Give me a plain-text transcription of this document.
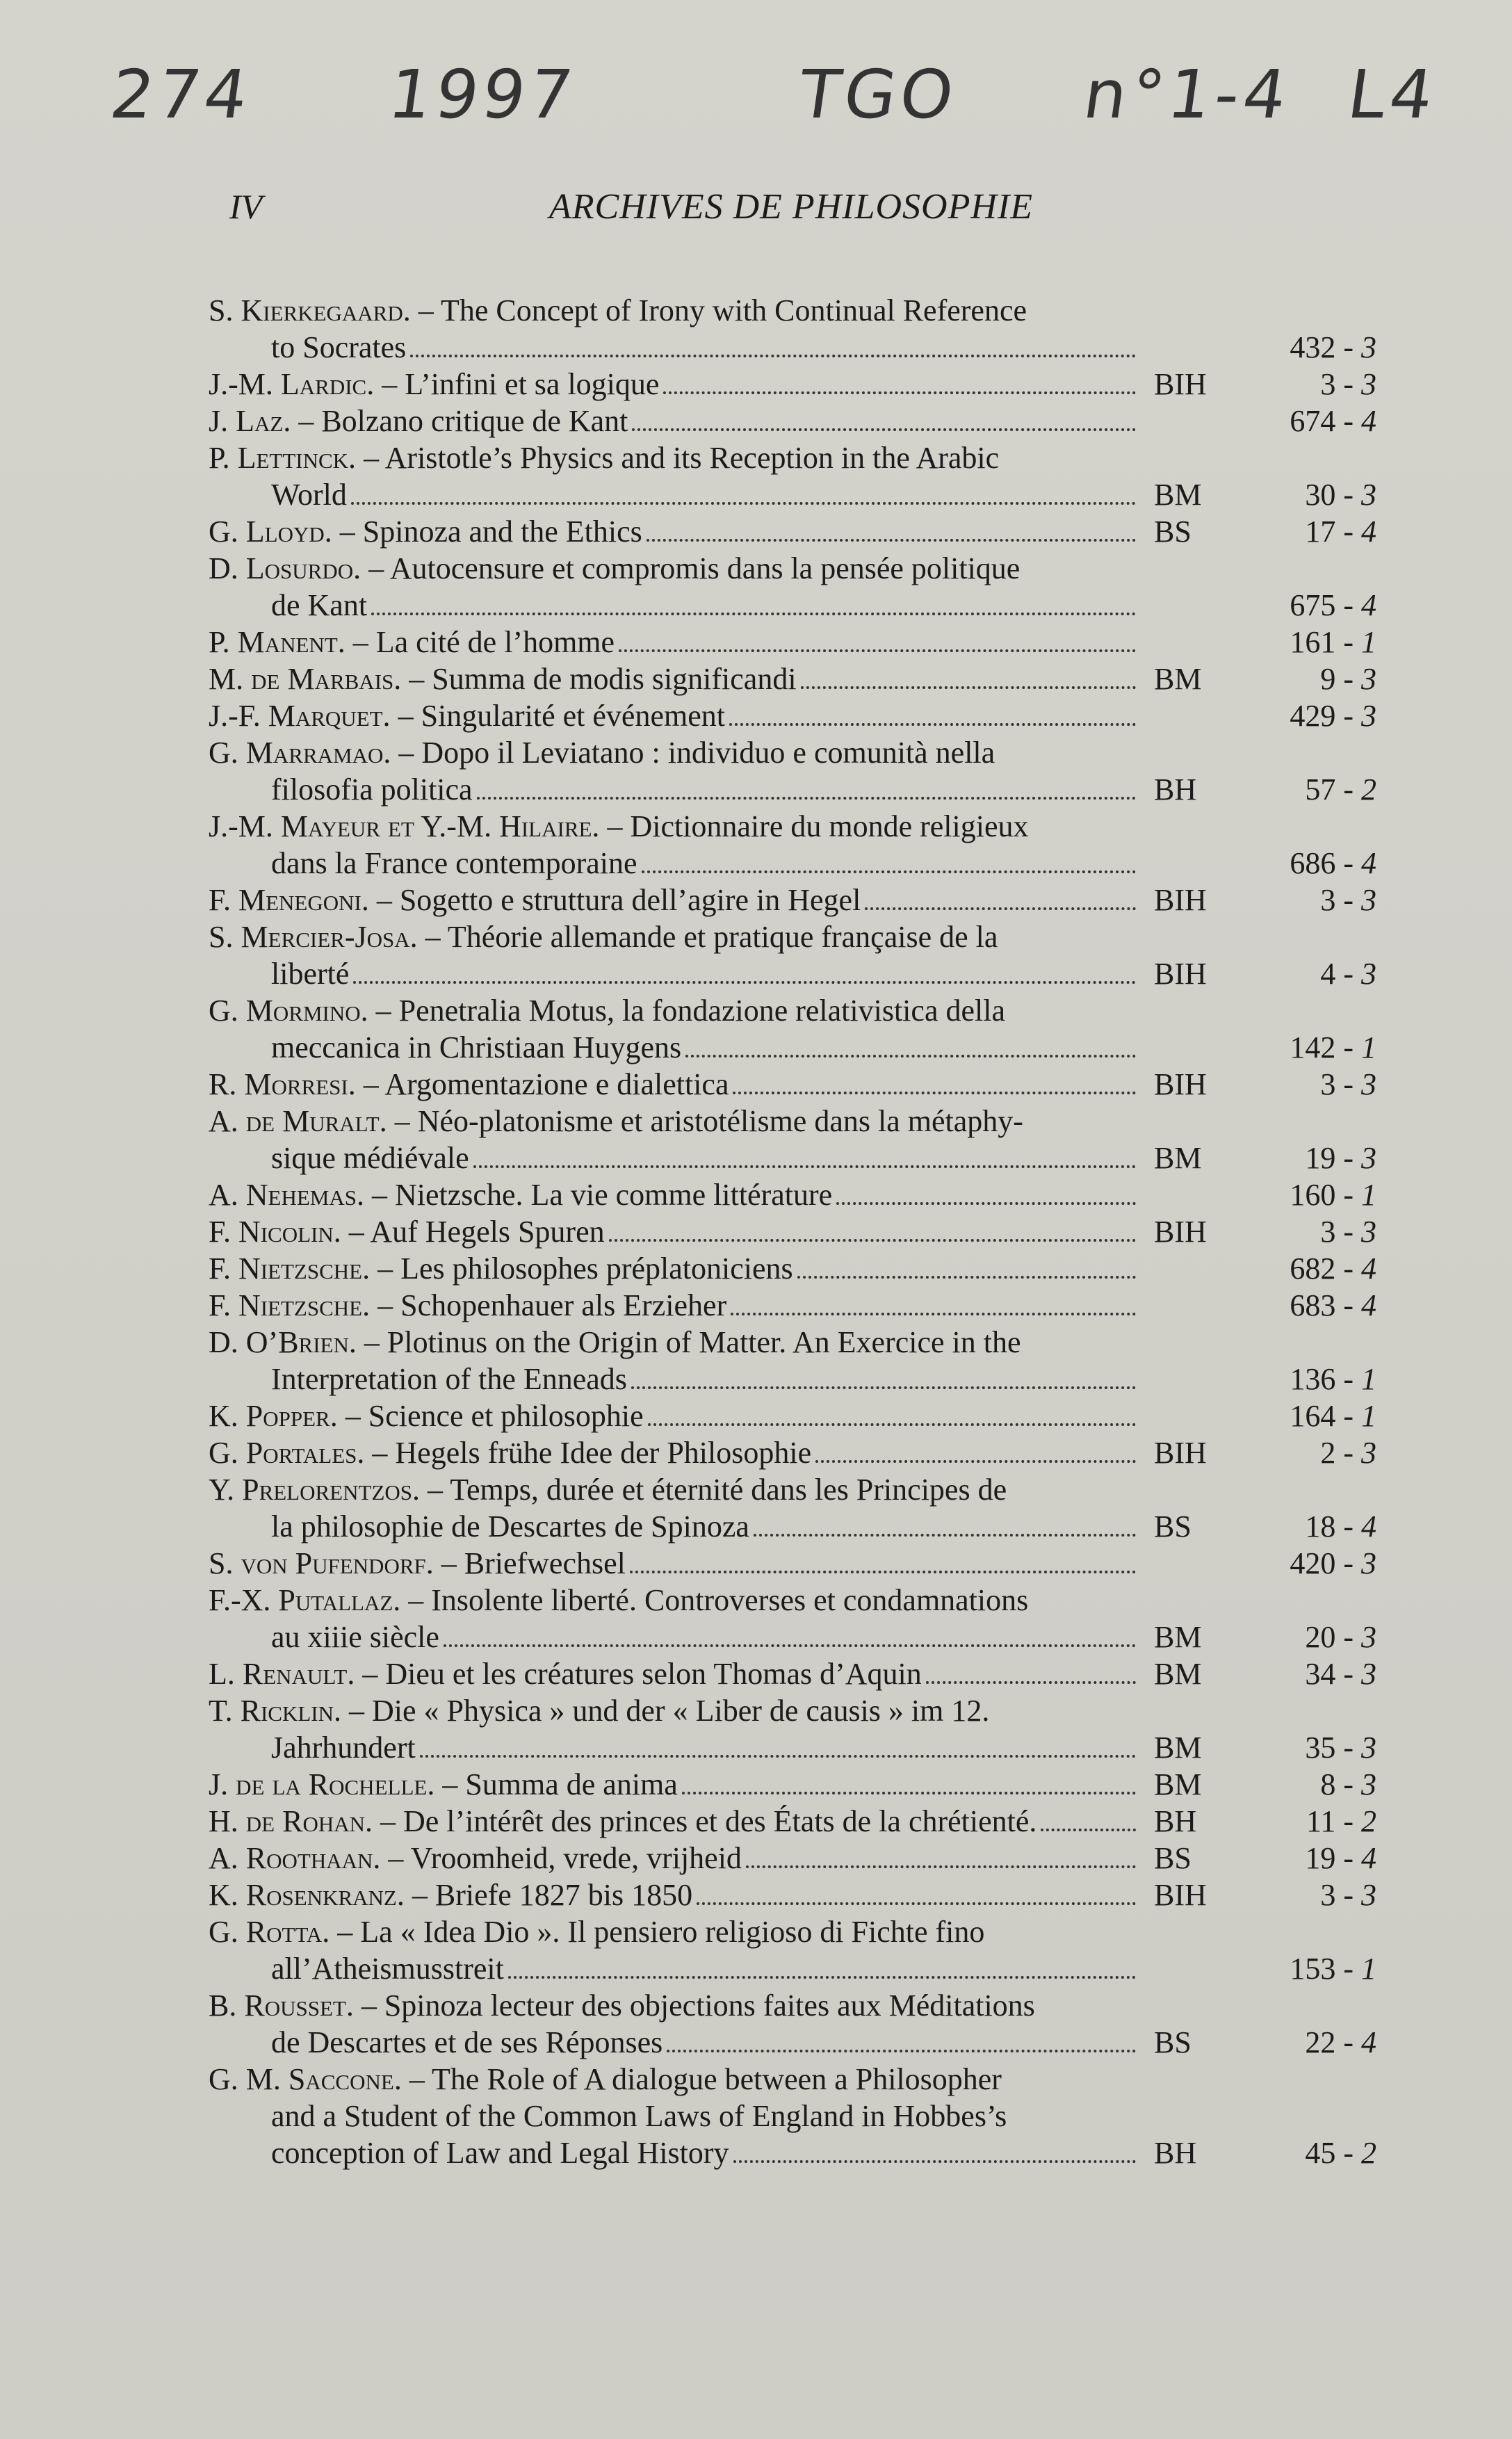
274 1997	TGO n°1-4 L4
IV	ARCHIVES DE PHILOSOPHIE
S. Kierkegaard. – The Concept of Irony with Continual Reference
to Socrates	432 - 3
J.-M. Lardic. – L’infini et sa logique	BIH	3 - 3
J. Laz. – Bolzano critique de Kant	674 - 4
P. Lettinck. – Aristotle’s Physics and its Reception in the Arabic
World	BM	30 - 3
G. Lloyd. – Spinoza and the Ethics	BS	17 - 4
D. Losurdo. – Autocensure et compromis dans la pensée politique
de Kant	675 - 4
P. Manent. – La cité de l’homme	161 - 1
M. de Marbais. – Summa de modis significandi	BM	9 - 3
J.-F. Marquet. – Singularité et événement	429 - 3
G. Marramao. – Dopo il Leviatano : individuo e comunità nella
filosofia politica	BH	57 - 2
J.-M. Mayeur et Y.-M. Hilaire. – Dictionnaire du monde religieux
dans la France contemporaine	686 - 4
F. Menegoni. – Sogetto e struttura dell’agire in Hegel	BIH	3 - 3
S. Mercier-Josa. – Théorie allemande et pratique française de la
liberté	BIH	4 - 3
G. Mormino. – Penetralia Motus, la fondazione relativistica della
meccanica in Christiaan Huygens	142 - 1
R. Morresi. – Argomentazione e dialettica	BIH	3 - 3
A. de Muralt. – Néo-platonisme et aristotélisme dans la métaphy-
sique médiévale	BM	19 - 3
A. Nehemas. – Nietzsche. La vie comme littérature	160 - 1
F. Nicolin. – Auf Hegels Spuren	BIH	3 - 3
F. Nietzsche. – Les philosophes préplatoniciens	682 - 4
F. Nietzsche. – Schopenhauer als Erzieher	683 - 4
D. O’Brien. – Plotinus on the Origin of Matter. An Exercice in the
Interpretation of the Enneads	136 - 1
K. Popper. – Science et philosophie	164 - 1
G. Portales. – Hegels frühe Idee der Philosophie	BIH	2 - 3
Y. Prelorentzos. – Temps, durée et éternité dans les Principes de
la philosophie de Descartes de Spinoza	BS	18 - 4
S. von Pufendorf. – Briefwechsel	420 - 3
F.-X. Putallaz. – Insolente liberté. Controverses et condamnations
au xiiie siècle	BM	20 - 3
L. Renault. – Dieu et les créatures selon Thomas d’Aquin	BM	34 - 3
T. Ricklin. – Die « Physica » und der « Liber de causis » im 12.
Jahrhundert	BM	35 - 3
J. de la Rochelle. – Summa de anima	BM	8 - 3
H. de Rohan. – De l’intérêt des princes et des États de la chrétienté.	BH	11 - 2
A. Roothaan. – Vroomheid, vrede, vrijheid	BS	19 - 4
K. Rosenkranz. – Briefe 1827 bis 1850	BIH	3 - 3
G. Rotta. – La « Idea Dio ». Il pensiero religioso di Fichte fino
all’Atheismusstreit	153 - 1
B. Rousset. – Spinoza lecteur des objections faites aux Méditations
de Descartes et de ses Réponses	BS	22 - 4
G. M. Saccone. – The Role of A dialogue between a Philosopher
and a Student of the Common Laws of England in Hobbes’s
conception of Law and Legal History	BH	45 - 2
